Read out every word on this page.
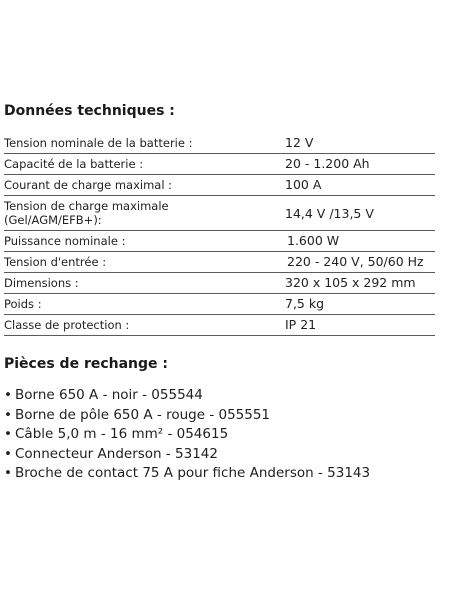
Données techniques :
Tension nominale de la batterie :	12 V
Capacité de la batterie :	20 - 1.200 Ah
Courant de charge maximal :	100 A
Tension de charge maximale (Gel/AGM/EFB+):	14,4 V /13,5 V
Puissance nominale :	1.600 W
Tension d'entrée :	220 - 240 V, 50/60 Hz
Dimensions :	320 x 105 x 292 mm
Poids :	7,5 kg
Classe de protection :	IP 21
Pièces de rechange :
• Borne 650 A - noir - 055544
• Borne de pôle 650 A - rouge - 055551
• Câble 5,0 m - 16 mm² - 054615
• Connecteur Anderson - 53142
• Broche de contact 75 A pour fiche Anderson - 53143
